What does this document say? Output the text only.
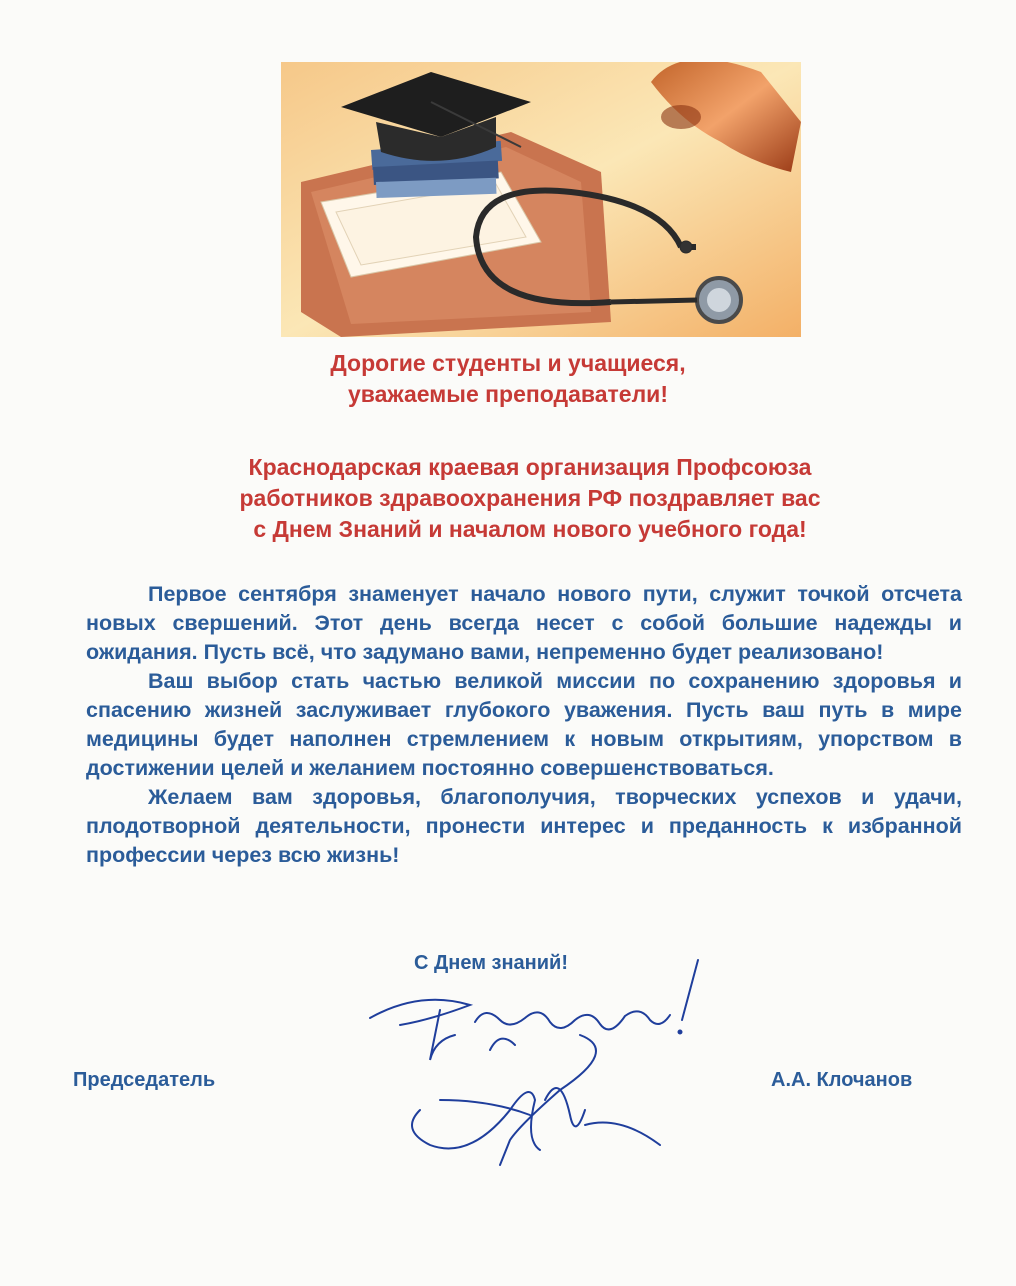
Дорогие студенты и учащиеся,
уважаемые преподаватели!
Краснодарская краевая организация Профсоюза
работников здравоохранения РФ поздравляет вас
с Днем Знаний и началом нового учебного года!

Первое сентября знаменует начало нового пути, служит точкой отсчета новых свершений. Этот день всегда несет с собой большие надежды и ожидания. Пусть всё, что задумано вами, непременно будет реализовано!

Ваш выбор стать частью великой миссии по сохранению здоровья и спасению жизней заслуживает глубокого уважения. Пусть ваш путь в мире медицины будет наполнен стремлением к новым открытиям, упорством в достижении целей и желанием постоянно совершенствоваться.

Желаем вам здоровья, благополучия, творческих успехов и удачи, плодотворной деятельности, пронести интерес и преданность к избранной профессии через всю жизнь!

С Днем знаний!
Председатель	А.А. Клочанов
